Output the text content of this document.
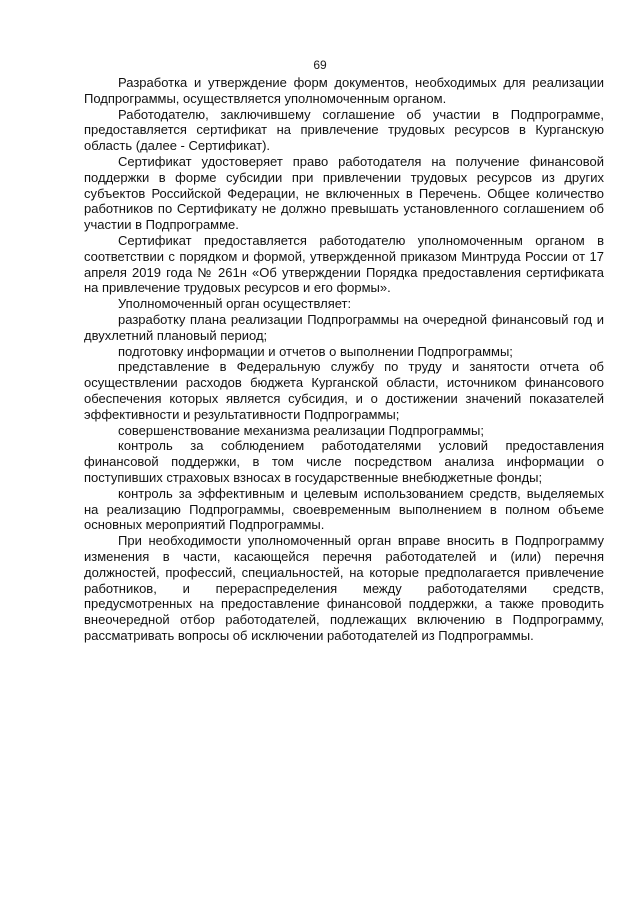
69

Разработка и утверждение форм документов, необходимых для реализации Подпрограммы, осуществляется уполномоченным органом.

Работодателю, заключившему соглашение об участии в Подпрограмме, предоставляется сертификат на привлечение трудовых ресурсов в Курганскую область (далее - Сертификат).

Сертификат удостоверяет право работодателя на получение финансовой поддержки в форме субсидии при привлечении трудовых ресурсов из других субъектов Российской Федерации, не включенных в Перечень. Общее количество работников по Сертификату не должно превышать установленного соглашением об участии в Подпрограмме.

Сертификат предоставляется работодателю уполномоченным органом в соответствии с порядком и формой, утвержденной приказом Минтруда России от 17 апреля 2019 года № 261н «Об утверждении Порядка предоставления сертификата на привлечение трудовых ресурсов и его формы».

Уполномоченный орган осуществляет:

разработку плана реализации Подпрограммы на очередной финансовый год и двухлетний плановый период;

подготовку информации и отчетов о выполнении Подпрограммы;

представление в Федеральную службу по труду и занятости отчета об осуществлении расходов бюджета Курганской области, источником финансового обеспечения которых является субсидия, и о достижении значений показателей эффективности и результативности Подпрограммы;

совершенствование механизма реализации Подпрограммы;

контроль за соблюдением работодателями условий предоставления финансовой поддержки, в том числе посредством анализа информации о поступивших страховых взносах в государственные внебюджетные фонды;

контроль за эффективным и целевым использованием средств, выделяемых на реализацию Подпрограммы, своевременным выполнением в полном объеме основных мероприятий Подпрограммы.

При необходимости уполномоченный орган вправе вносить в Подпрограмму изменения в части, касающейся перечня работодателей и (или) перечня должностей, профессий, специальностей, на которые предполагается привлечение работников, и перераспределения между работодателями средств, предусмотренных на предоставление финансовой поддержки, а также проводить внеочередной отбор работодателей, подлежащих включению в Подпрограмму, рассматривать вопросы об исключении работодателей из Подпрограммы.
